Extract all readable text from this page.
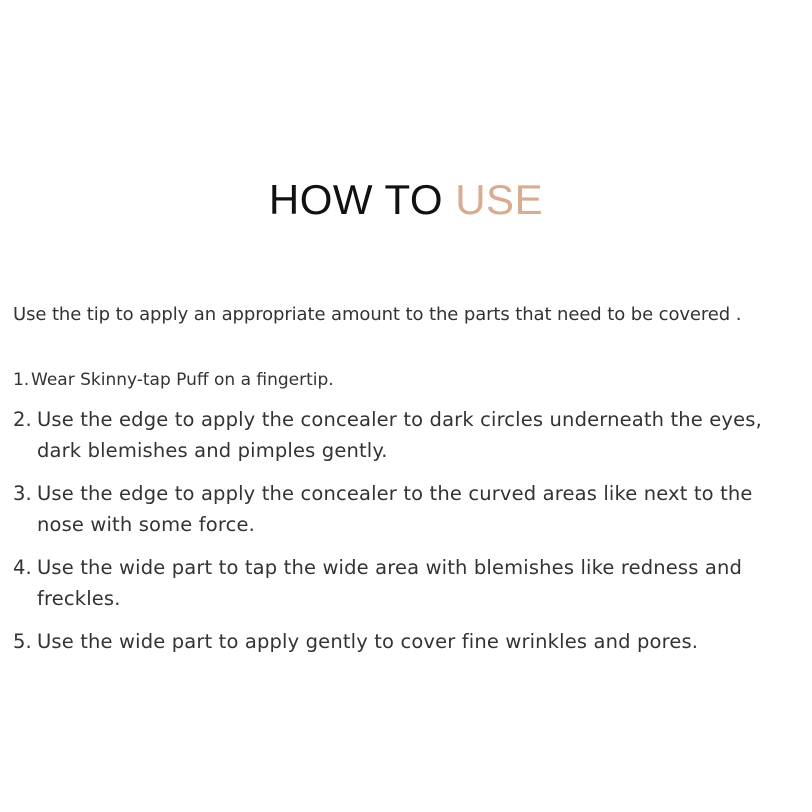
HOW TO USE

Use the tip to apply an appropriate amount to the parts that need to be covered .

1. Wear Skinny-tap Puff on a fingertip.
2. Use the edge to apply the concealer to dark circles underneath the eyes, dark blemishes and pimples gently.
3. Use the edge to apply the concealer to the curved areas like next to the nose with some force.
4. Use the wide part to tap the wide area with blemishes like redness and freckles.
5. Use the wide part to apply gently to cover fine wrinkles and pores.
